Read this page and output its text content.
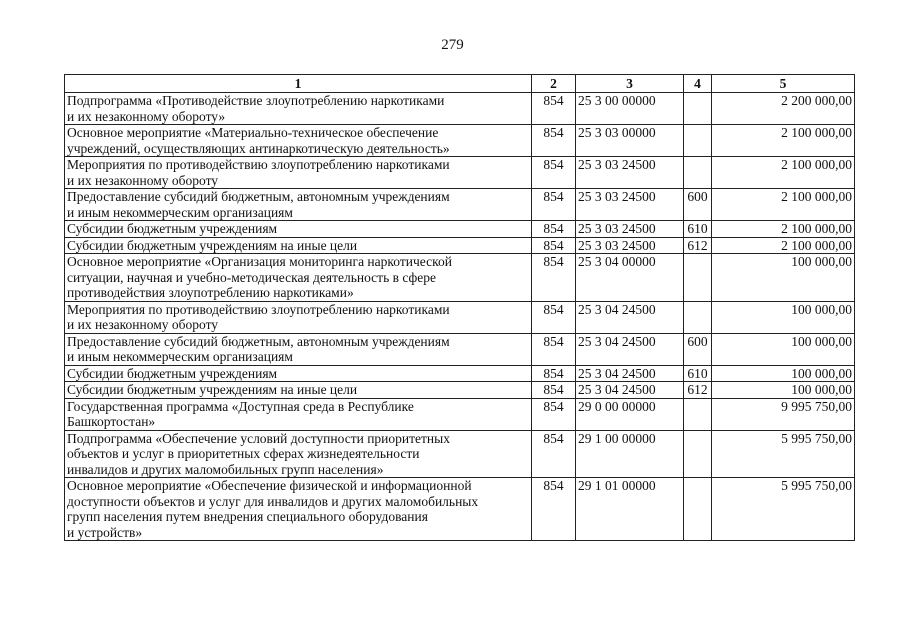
279
1	2	3	4	5
Подпрограмма «Противодействие злоупотреблению наркотиками
и их незаконному обороту»	854	25 3 00 00000		2 200 000,00
Основное мероприятие «Материально-техническое обеспечение
учреждений, осуществляющих антинаркотическую деятельность»	854	25 3 03 00000		2 100 000,00
Мероприятия по противодействию злоупотреблению наркотиками
и их незаконному обороту	854	25 3 03 24500		2 100 000,00
Предоставление субсидий бюджетным, автономным учреждениям
и иным некоммерческим организациям	854	25 3 03 24500	600	2 100 000,00
Субсидии бюджетным учреждениям	854	25 3 03 24500	610	2 100 000,00
Субсидии бюджетным учреждениям на иные цели	854	25 3 03 24500	612	2 100 000,00
Основное мероприятие «Организация мониторинга наркотической
ситуации, научная и учебно-методическая деятельность в сфере
противодействия злоупотреблению наркотиками»	854	25 3 04 00000		100 000,00
Мероприятия по противодействию злоупотреблению наркотиками
и их незаконному обороту	854	25 3 04 24500		100 000,00
Предоставление субсидий бюджетным, автономным учреждениям
и иным некоммерческим организациям	854	25 3 04 24500	600	100 000,00
Субсидии бюджетным учреждениям	854	25 3 04 24500	610	100 000,00
Субсидии бюджетным учреждениям на иные цели	854	25 3 04 24500	612	100 000,00
Государственная программа «Доступная среда в Республике
Башкортостан»	854	29 0 00 00000		9 995 750,00
Подпрограмма «Обеспечение условий доступности приоритетных
объектов и услуг в приоритетных сферах жизнедеятельности
инвалидов и других маломобильных групп населения»	854	29 1 00 00000		5 995 750,00
Основное мероприятие «Обеспечение физической и информационной
доступности объектов и услуг для инвалидов и других маломобильных
групп населения путем внедрения специального оборудования
и устройств»	854	29 1 01 00000		5 995 750,00
